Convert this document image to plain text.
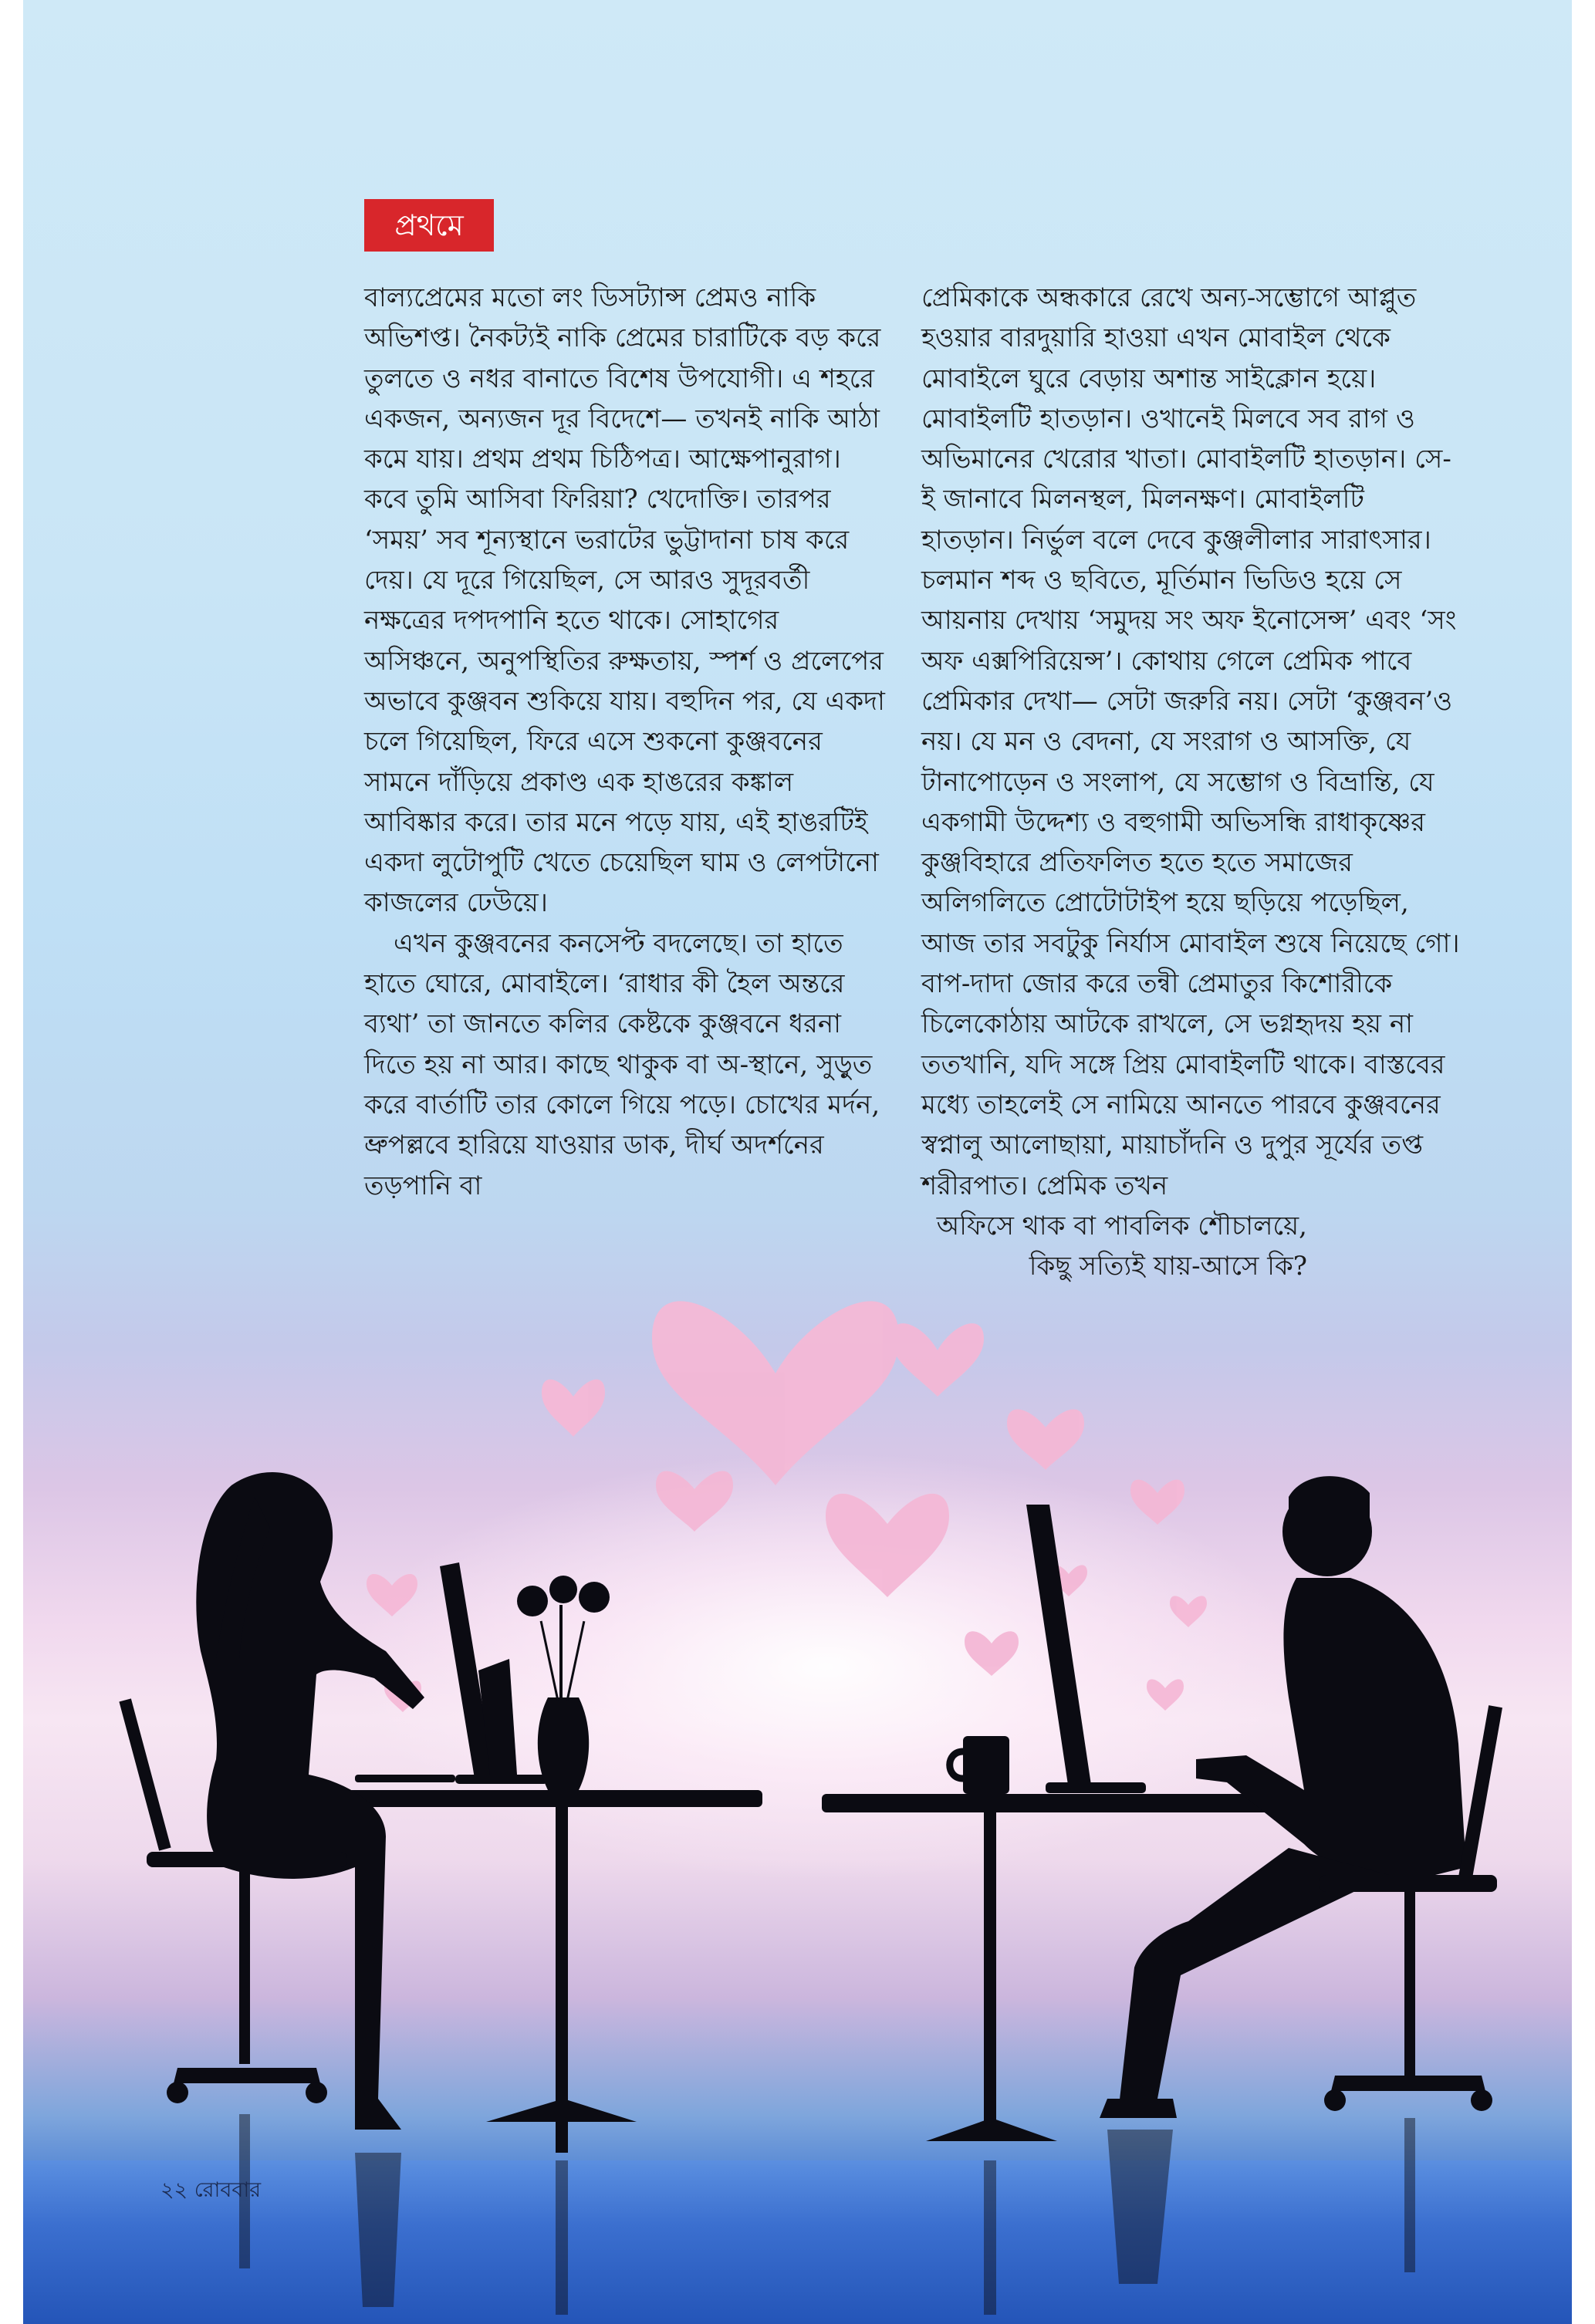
প্রথমে

বাল্যপ্রেমের মতো লং ডিসট্যান্স প্রেমও নাকি অভিশপ্ত। নৈকট্যই নাকি প্রেমের চারাটিকে বড় করে তুলতে ও নধর বানাতে বিশেষ উপযোগী। এ শহরে একজন, অন্যজন দূর বিদেশে— তখনই নাকি আঠা কমে যায়। প্রথম প্রথম চিঠিপত্র। আক্ষেপানুরাগ। কবে তুমি আসিবা ফিরিয়া? খেদোক্তি। তারপর ‘সময়’ সব শূন্যস্থানে ভরাটের ভুট্টাদানা চাষ করে দেয়। যে দূরে গিয়েছিল, সে আরও সুদূরবর্তী নক্ষত্রের দপদপানি হতে থাকে। সোহাগের অসিঞ্চনে, অনুপস্থিতির রুক্ষতায়, স্পর্শ ও প্রলেপের অভাবে কুঞ্জবন শুকিয়ে যায়। বহুদিন পর, যে একদা চলে গিয়েছিল, ফিরে এসে শুকনো কুঞ্জবনের সামনে দাঁড়িয়ে প্রকাণ্ড এক হাঙরের কঙ্কাল আবিষ্কার করে। তার মনে পড়ে যায়, এই হাঙরটিই একদা লুটোপুটি খেতে চেয়েছিল ঘাম ও লেপটানো কাজলের ঢেউয়ে।

এখন কুঞ্জবনের কনসেপ্ট বদলেছে। তা হাতে হাতে ঘোরে, মোবাইলে। ‘রাধার কী হৈল অন্তরে ব্যথা’ তা জানতে কলির কেষ্টকে কুঞ্জবনে ধরনা দিতে হয় না আর। কাছে থাকুক বা অ-স্থানে, সুড়ুত করে বার্তাটি তার কোলে গিয়ে পড়ে। চোখের মর্দন, ভ্রুপল্লবে হারিয়ে যাওয়ার ডাক, দীর্ঘ অদর্শনের তড়পানি বা

প্রেমিকাকে অন্ধকারে রেখে অন্য-সম্ভোগে আপ্লুত হওয়ার বারদুয়ারি হাওয়া এখন মোবাইল থেকে মোবাইলে ঘুরে বেড়ায় অশান্ত সাইক্লোন হয়ে। মোবাইলটি হাতড়ান। ওখানেই মিলবে সব রাগ ও অভিমানের খেরোর খাতা। মোবাইলটি হাতড়ান। সে-ই জানাবে মিলনস্থল, মিলনক্ষণ। মোবাইলটি হাতড়ান। নির্ভুল বলে দেবে কুঞ্জলীলার সারাৎসার। চলমান শব্দ ও ছবিতে, মূর্তিমান ভিডিও হয়ে সে আয়নায় দেখায় ‘সমুদয় সং অফ ইনোসেন্স’ এবং ‘সং অফ এক্সপিরিয়েন্স’। কোথায় গেলে প্রেমিক পাবে প্রেমিকার দেখা— সেটা জরুরি নয়। সেটা ‘কুঞ্জবন’ও নয়। যে মন ও বেদনা, যে সংরাগ ও আসক্তি, যে টানাপোড়েন ও সংলাপ, যে সম্ভোগ ও বিভ্রান্তি, যে একগামী উদ্দেশ্য ও বহুগামী অভিসন্ধি রাধাকৃষ্ণের কুঞ্জবিহারে প্রতিফলিত হতে হতে সমাজের অলিগলিতে প্রোটোটাইপ হয়ে ছড়িয়ে পড়েছিল, আজ তার সবটুকু নির্যাস মোবাইল শুষে নিয়েছে গো। বাপ-দাদা জোর করে তন্বী প্রেমাতুর কিশোরীকে চিলেকোঠায় আটকে রাখলে, সে ভগ্নহৃদয় হয় না ততখানি, যদি সঙ্গে প্রিয় মোবাইলটি থাকে। বাস্তবের মধ্যে তাহলেই সে নামিয়ে আনতে পারবে কুঞ্জবনের স্বপ্নালু আলোছায়া, মায়াচাঁদনি ও দুপুর সূর্যের তপ্ত শরীরপাত। প্রেমিক তখন

অফিসে থাক বা পাবলিক শৌচালয়ে,

কিছু সত্যিই যায়-আসে কি?

২২ রোববার
